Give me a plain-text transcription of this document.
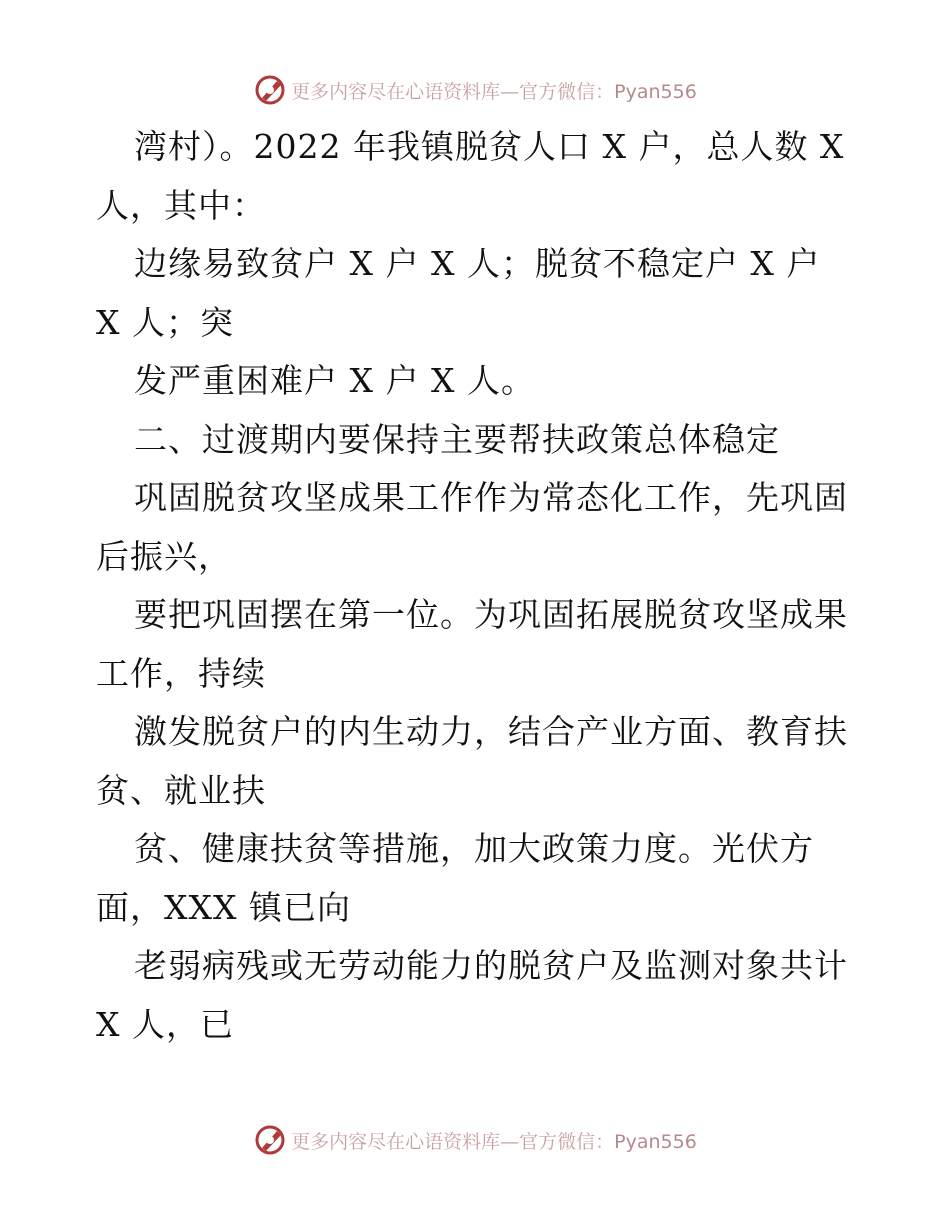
更多内容尽在心语资料库—官方微信：Pyan556
湾村）。2022 年我镇脱贫人口 X 户，总人数 X
人，其中：
边缘易致贫户 X 户 X 人；脱贫不稳定户 X 户
X 人；突
发严重困难户 X 户 X 人。
二、过渡期内要保持主要帮扶政策总体稳定
巩固脱贫攻坚成果工作作为常态化工作，先巩固
后振兴，
要把巩固摆在第一位。为巩固拓展脱贫攻坚成果
工作，持续
激发脱贫户的内生动力，结合产业方面、教育扶
贫、就业扶
贫、健康扶贫等措施，加大政策力度。光伏方
面，XXX 镇已向
老弱病残或无劳动能力的脱贫户及监测对象共计
X 人，已
更多内容尽在心语资料库—官方微信：Pyan556
